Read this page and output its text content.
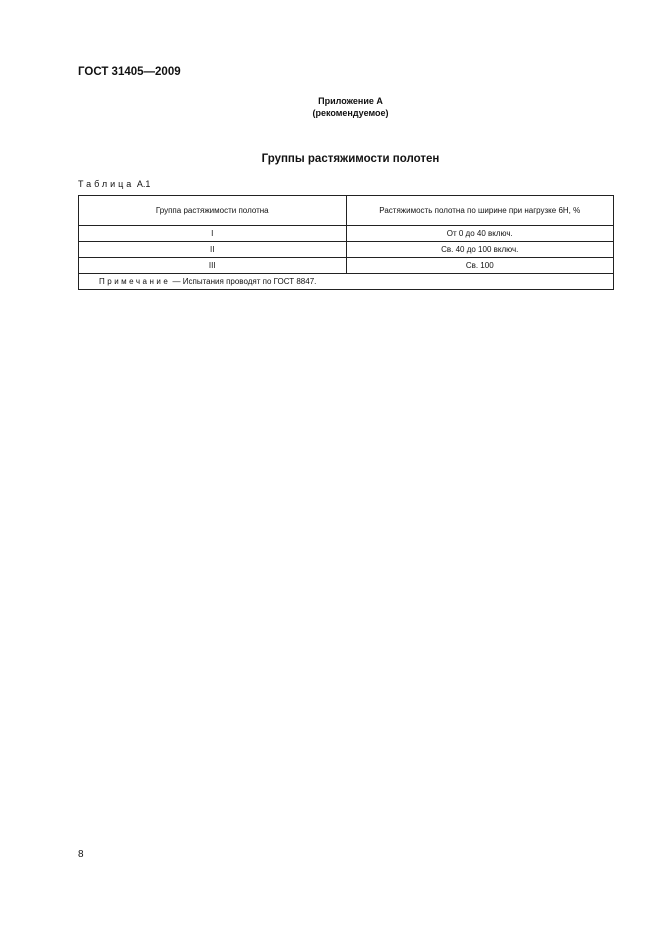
ГОСТ 31405—2009
Приложение А
(рекомендуемое)
Группы растяжимости полотен
Таблица А.1
Группа растяжимости полотна	Растяжимость полотна по ширине при нагрузке 6Н, %
I	От 0 до 40 включ.
II	Св. 40 до 100 включ.
III	Св. 100
Примечание — Испытания проводят по ГОСТ 8847.	
8
